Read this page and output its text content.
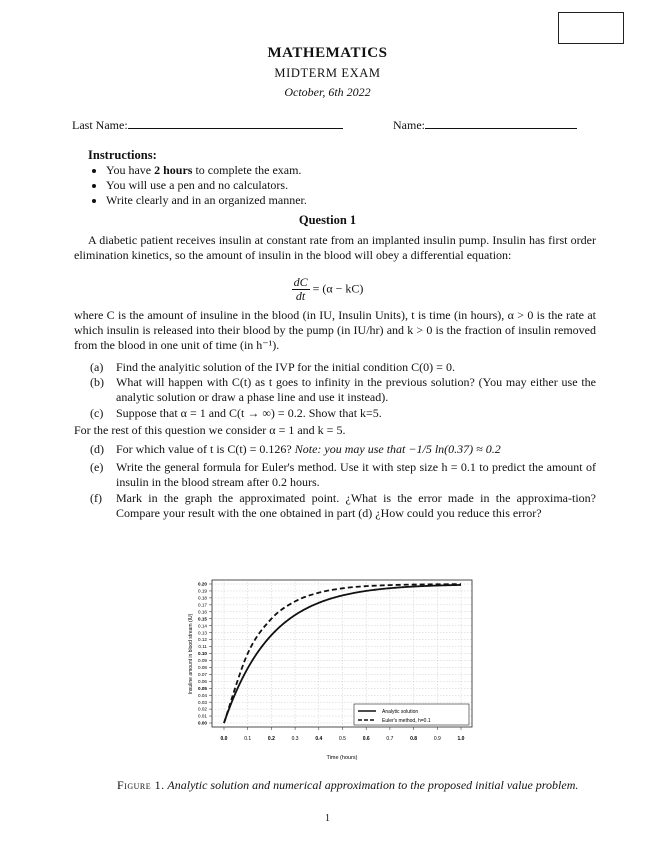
MATHEMATICS
MIDTERM EXAM
October, 6th 2022
Last Name:	Name:
Instructions:
• You have 2 hours to complete the exam.
• You will use a pen and no calculators.
• Write clearly and in an organized manner.
Question 1
A diabetic patient receives insulin at constant rate from an implanted insulin pump. Insulin has first order elimination kinetics, so the amount of insulin in the blood will obey a differential equation:
$\frac{dC}{dt} = (\alpha - kC)$
where C is the amount of insuline in the blood (in IU, Insulin Units), t is time (in hours), α > 0 is the rate at which insulin is released into their blood by the pump (in IU/hr) and k > 0 is the fraction of insulin removed from the blood in one unit of time (in h⁻¹).
(a) Find the analyitic solution of the IVP for the initial condition C(0) = 0.
(b) What will happen with C(t) as t goes to infinity in the previous solution? (You may either use the analytic solution or draw a phase line and use it instead).
(c) Suppose that α = 1 and C(t → ∞) = 0.2. Show that k=5.
For the rest of this question we consider α = 1 and k = 5.
(d) For which value of t is C(t) = 0.126? Note: you may use that −1/5 ln(0.37) ≈ 0.2
(e) Write the general formula for Euler's method. Use it with step size h = 0.1 to predict the amount of insulin in the blood stream after 0.2 hours.
(f) Mark in the graph the approximated point. ¿What is the error made in the approxima-tion? Compare your result with the one obtained in part (d) ¿How could you reduce this error?
0.0	0.1	0.2	0.3	0.4	0.5	0.6	0.7	0.8	0.9	1.0
0.00
0.01
0.02
0.03
0.04
0.05
0.06
0.07
0.08
0.09
0.10
0.11
0.12
0.13
0.14
0.15
0.16
0.17
0.18
0.19
0.20
Analytic solution
Euler's method, h=0.1
Time (hours)
Insuline amount in blood stream (IU)
Figure 1. Analytic solution and numerical approximation to the proposed initial value problem.
1
